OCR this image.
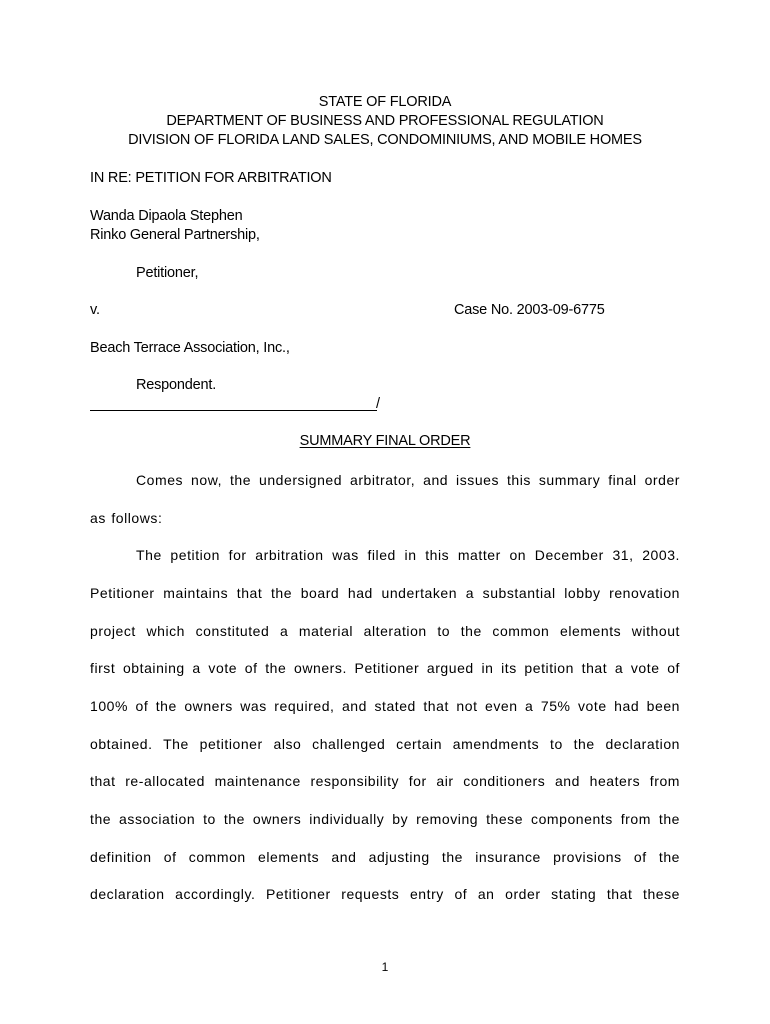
STATE OF FLORIDA
DEPARTMENT OF BUSINESS AND PROFESSIONAL REGULATION
DIVISION OF FLORIDA LAND SALES, CONDOMINIUMS, AND MOBILE HOMES
IN RE: PETITION FOR ARBITRATION
Wanda Dipaola Stephen
Rinko General Partnership,
Petitioner,
v.	Case No. 2003-09-6775
Beach Terrace Association, Inc.,
Respondent.
/
SUMMARY FINAL ORDER
Comes now, the undersigned arbitrator, and issues this summary final order
as follows:
The petition for arbitration was filed in this matter on December 31, 2003.
Petitioner maintains that the board had undertaken a substantial lobby renovation
project which constituted a material alteration to the common elements without
first obtaining a vote of the owners. Petitioner argued in its petition that a vote of
100% of the owners was required, and stated that not even a 75% vote had been
obtained. The petitioner also challenged certain amendments to the declaration
that re-allocated maintenance responsibility for air conditioners and heaters from
the association to the owners individually by removing these components from the
definition of common elements and adjusting the insurance provisions of the
declaration accordingly. Petitioner requests entry of an order stating that these
1
